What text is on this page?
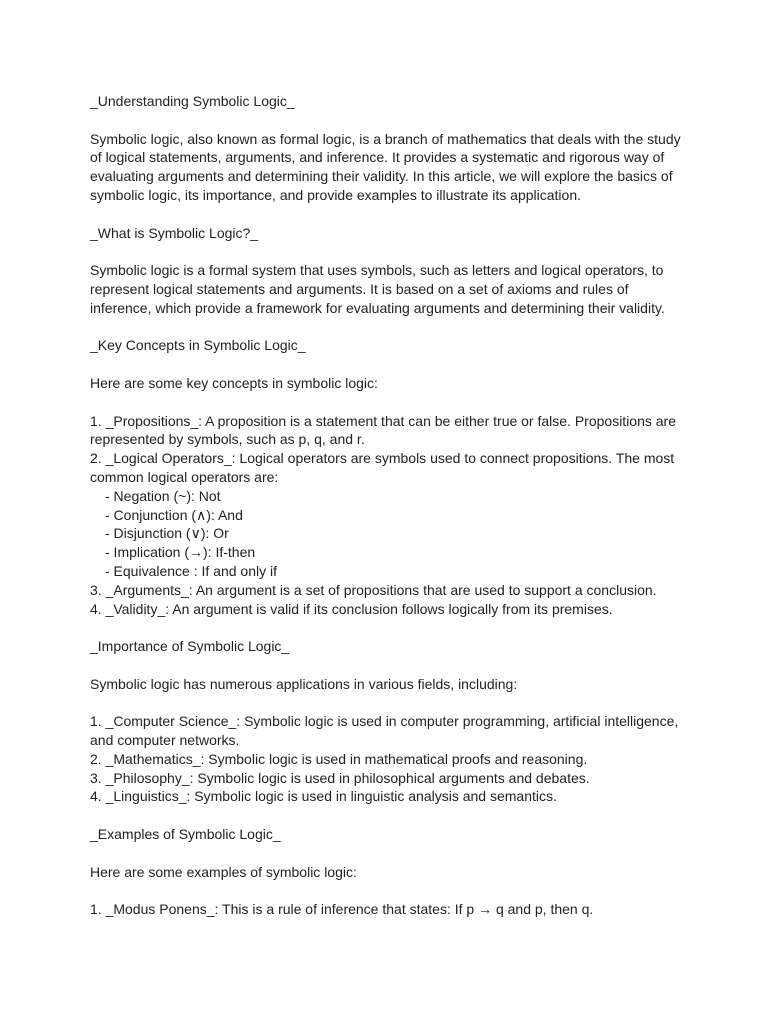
_Understanding Symbolic Logic_
Symbolic logic, also known as formal logic, is a branch of mathematics that deals with the study
of logical statements, arguments, and inference. It provides a systematic and rigorous way of
evaluating arguments and determining their validity. In this article, we will explore the basics of
symbolic logic, its importance, and provide examples to illustrate its application.
_What is Symbolic Logic?_
Symbolic logic is a formal system that uses symbols, such as letters and logical operators, to
represent logical statements and arguments. It is based on a set of axioms and rules of
inference, which provide a framework for evaluating arguments and determining their validity.
_Key Concepts in Symbolic Logic_
Here are some key concepts in symbolic logic:
1. _Propositions_: A proposition is a statement that can be either true or false. Propositions are
represented by symbols, such as p, q, and r.
2. _Logical Operators_: Logical operators are symbols used to connect propositions. The most
common logical operators are:
- Negation (~): Not
- Conjunction (∧): And
- Disjunction (∨): Or
- Implication (→): If-then
- Equivalence : If and only if
3. _Arguments_: An argument is a set of propositions that are used to support a conclusion.
4. _Validity_: An argument is valid if its conclusion follows logically from its premises.
_Importance of Symbolic Logic_
Symbolic logic has numerous applications in various fields, including:
1. _Computer Science_: Symbolic logic is used in computer programming, artificial intelligence,
and computer networks.
2. _Mathematics_: Symbolic logic is used in mathematical proofs and reasoning.
3. _Philosophy_: Symbolic logic is used in philosophical arguments and debates.
4. _Linguistics_: Symbolic logic is used in linguistic analysis and semantics.
_Examples of Symbolic Logic_
Here are some examples of symbolic logic:
1. _Modus Ponens_: This is a rule of inference that states: If p → q and p, then q.
